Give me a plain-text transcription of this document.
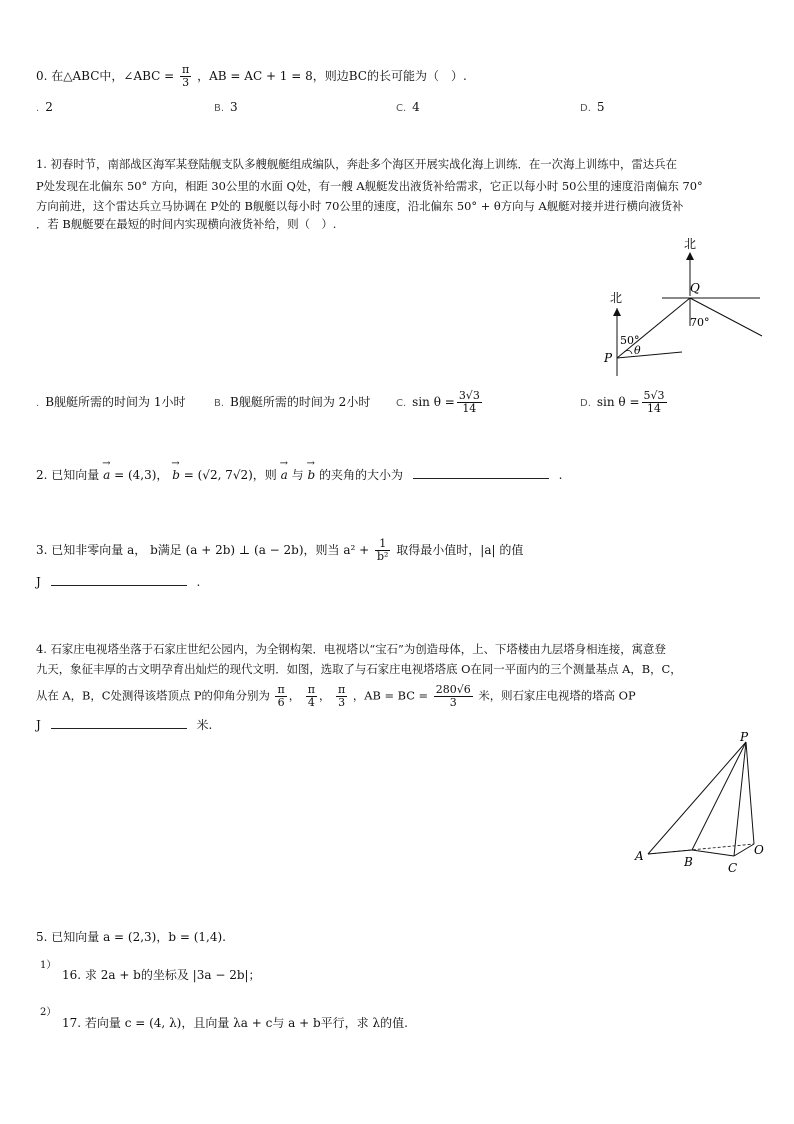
0. 在△ABC中，∠ABC = $\frac{\pi}{3}$ ，AB = AC + 1 = 8，则边BC的长可能为（　）.
. 2	B. 3	C. 4	D. 5
1. 初春时节，南部战区海军某登陆舰支队多艘舰艇组成编队，奔赴多个海区开展实战化海上训练．在一次海上训练中，雷达兵在
P处发现在北偏东 50° 方向，相距 30公里的水面 Q处，有一艘 A舰艇发出液货补给需求，它正以每小时 50公里的速度沿南偏东 70°
方向前进，这个雷达兵立马协调在 P处的 B舰艇以每小时 70公里的速度，沿北偏东 50° + θ方向与 A舰艇对接并进行横向液货补
．若 B舰艇要在最短的时间内实现横向液货补给，则（　）.
北
Q
70°
北
P
50°
θ
. B舰艇所需的时间为 1小时	B. B舰艇所需的时间为 2小时	C. $\sin \theta = \frac{3√3}{14}$	D. $\sin \theta = \frac{5√3}{14}$
2. 已知向量 → a = (4,3)， → b = (√2, 7√2)，则 → a 与 → b 的夹角的大小为	.
3. 已知非零向量 a， b满足 (a + 2b) ⊥ (a − 2b)，则当 $a^2 + \frac{1}{\text{b²}}$ 取得最小值时，|a| 的值
J	.
4. 石家庄电视塔坐落于石家庄世纪公园内，为全钢构架．电视塔以“宝石”为创造母体，上、下塔楼由九层塔身相连接，寓意登
九天，象征丰厚的古文明孕育出灿烂的现代文明．如图，选取了与石家庄电视塔塔底 O在同一平面内的三个测量基点 A，B，C，
从在 A，B，C处测得该塔顶点 P的仰角分别为 $\frac{\pi}{6}$ ， $\frac{\pi}{4}$ ， $\frac{\pi}{3}$ ，AB = BC = $\frac{280√6}{3}$ 米，则石家庄电视塔的塔高 OP
J	米.
P
A	B	C
O
5. 已知向量 a = (2,3)，b = (1,4).
1）
16. 求 2a + b的坐标及 |3a − 2b|；
2）
17. 若向量 c = (4, λ)，且向量 λa + c与 a + b平行，求 λ的值.
